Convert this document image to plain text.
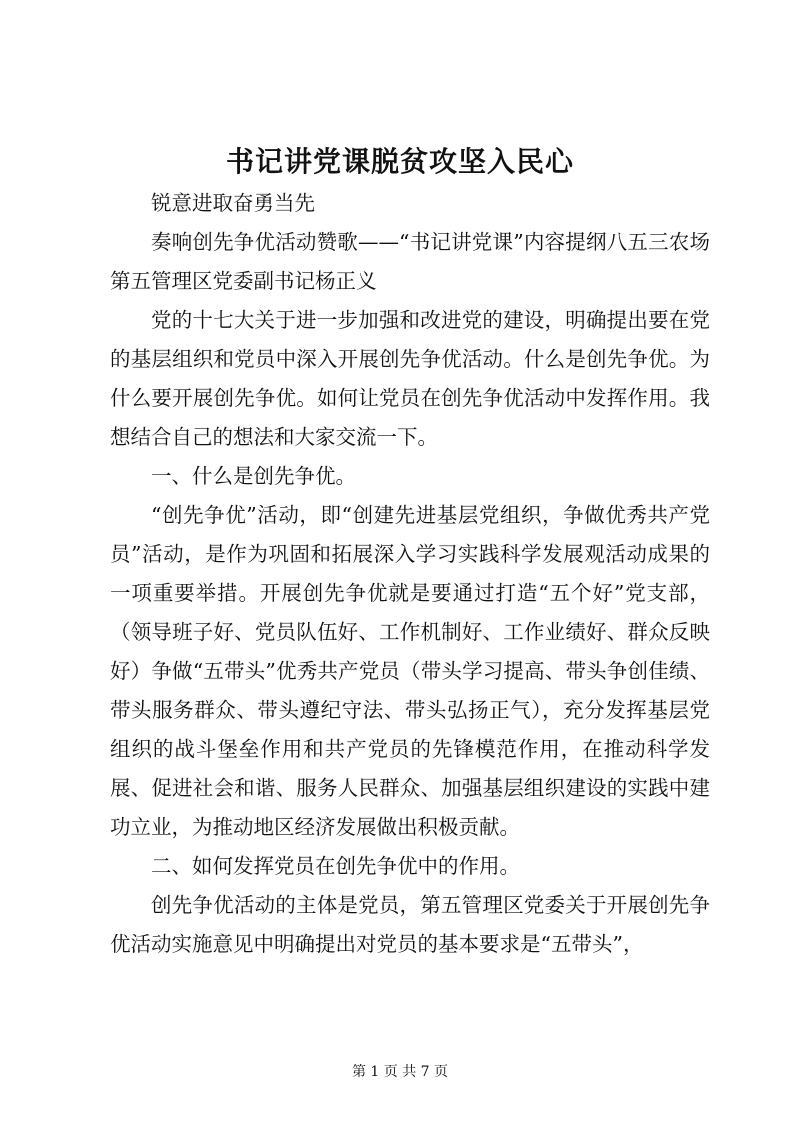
书记讲党课脱贫攻坚入民心

锐意进取奋勇当先

奏响创先争优活动赞歌——“书记讲党课”内容提纲八五三农场第五管理区党委副书记杨正义

党的十七大关于进一步加强和改进党的建设，明确提出要在党的基层组织和党员中深入开展创先争优活动。什么是创先争优。为什么要开展创先争优。如何让党员在创先争优活动中发挥作用。我想结合自己的想法和大家交流一下。

一、什么是创先争优。

“创先争优”活动，即“创建先进基层党组织，争做优秀共产党员”活动，是作为巩固和拓展深入学习实践科学发展观活动成果的一项重要举措。开展创先争优就是要通过打造“五个好”党支部，（领导班子好、党员队伍好、工作机制好、工作业绩好、群众反映好）争做“五带头”优秀共产党员（带头学习提高、带头争创佳绩、带头服务群众、带头遵纪守法、带头弘扬正气），充分发挥基层党组织的战斗堡垒作用和共产党员的先锋模范作用，在推动科学发展、促进社会和谐、服务人民群众、加强基层组织建设的实践中建功立业，为推动地区经济发展做出积极贡献。

二、如何发挥党员在创先争优中的作用。

创先争优活动的主体是党员，第五管理区党委关于开展创先争优活动实施意见中明确提出对党员的基本要求是“五带头”，

第 1 页 共 7 页
